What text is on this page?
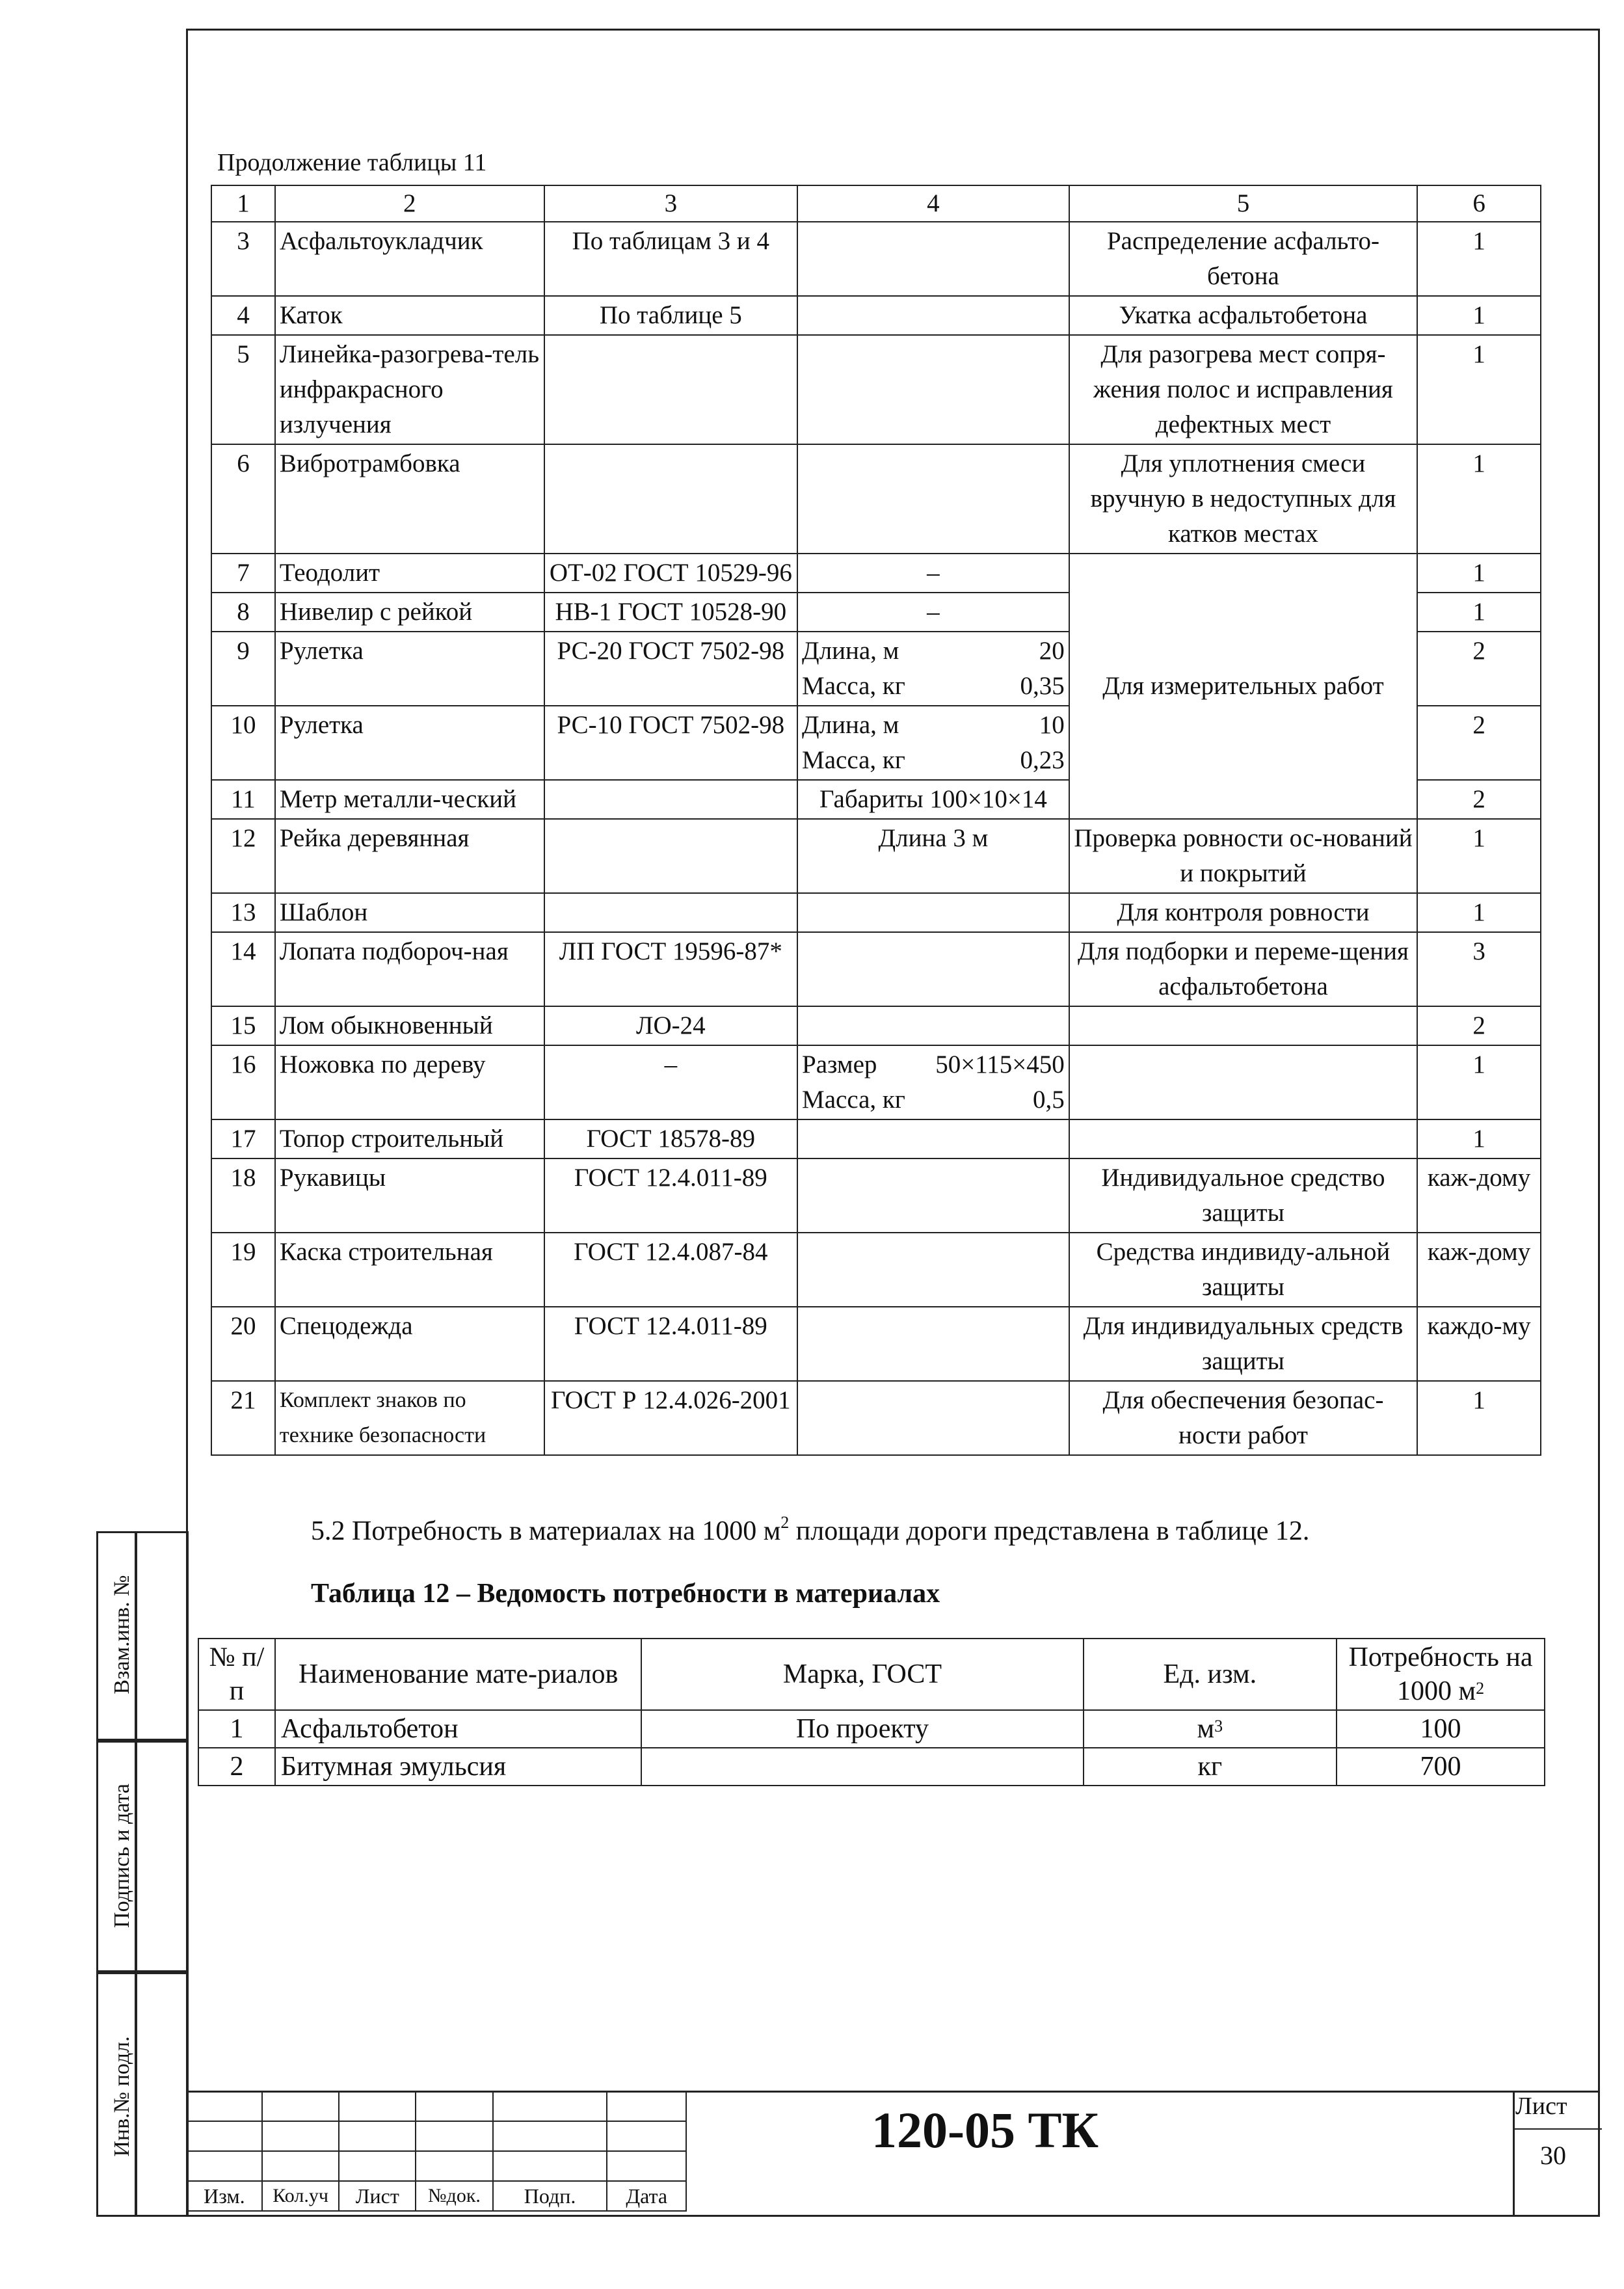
Взам.инв. №
Подпись и дата
Инв.№ подл.
Продолжение таблицы 11
1	2	3	4	5	6
3	Асфальтоукладчик	По таблицам 3 и 4		Распределение асфальто-бетона	1
4	Каток	По таблице 5		Укатка асфальтобетона	1
5	Линейка-разогрева-тель инфракрасного излучения			Для разогрева мест сопря-жения полос и исправления дефектных мест	1
6	Вибротрамбовка			Для уплотнения смеси вручную в недоступных для катков местах	1
7	Теодолит	ОТ-02 ГОСТ 10529-96	–	Для измерительных работ	1
8	Нивелир с рейкой	НВ-1 ГОСТ 10528-90	–		1
9	Рулетка	РС-20 ГОСТ 7502-98	Длина, м 20
Масса, кг 0,35		2
10	Рулетка	РС-10 ГОСТ 7502-98	Длина, м 10
Масса, кг 0,23		2
11	Метр металли-ческий		Габариты 100×10×14		2
12	Рейка деревянная		Длина 3 м	Проверка ровности ос-нований и покрытий	1
13	Шаблон			Для контроля ровности	1
14	Лопата подбороч-ная	ЛП ГОСТ 19596-87*		Для подборки и переме-щения асфальтобетона	3
15	Лом обыкновенный	ЛО-24			2
16	Ножовка по дереву	–	Размер 50×115×450
Масса, кг 0,5		1
17	Топор строительный	ГОСТ 18578-89			1
18	Рукавицы	ГОСТ 12.4.011-89		Индивидуальное средство защиты	каж-дому
19	Каска строительная	ГОСТ 12.4.087-84		Средства индивиду-альной защиты	каж-дому
20	Спецодежда	ГОСТ 12.4.011-89		Для индивидуальных средств защиты	каждо-му
21	Комплект знаков по технике безопасности	ГОСТ Р 12.4.026-2001		Для обеспечения безопас-ности работ	1
5.2 Потребность в материалах на 1000 $м^2$ площади дороги представлена в таблице 12.
Таблица 12 – Ведомость потребности в материалах
№ п/п	Наименование мате-риалов	Марка, ГОСТ	Ед. изм.	Потребность на 1000 $м^2$
1	Асфальтобетон	По проекту	$м^3$	100
2	Битумная эмульсия		кг	700

Изм.	Кол.уч	Лист	№док.	Подп.	Дата
120-05 ТК	Лист
30
